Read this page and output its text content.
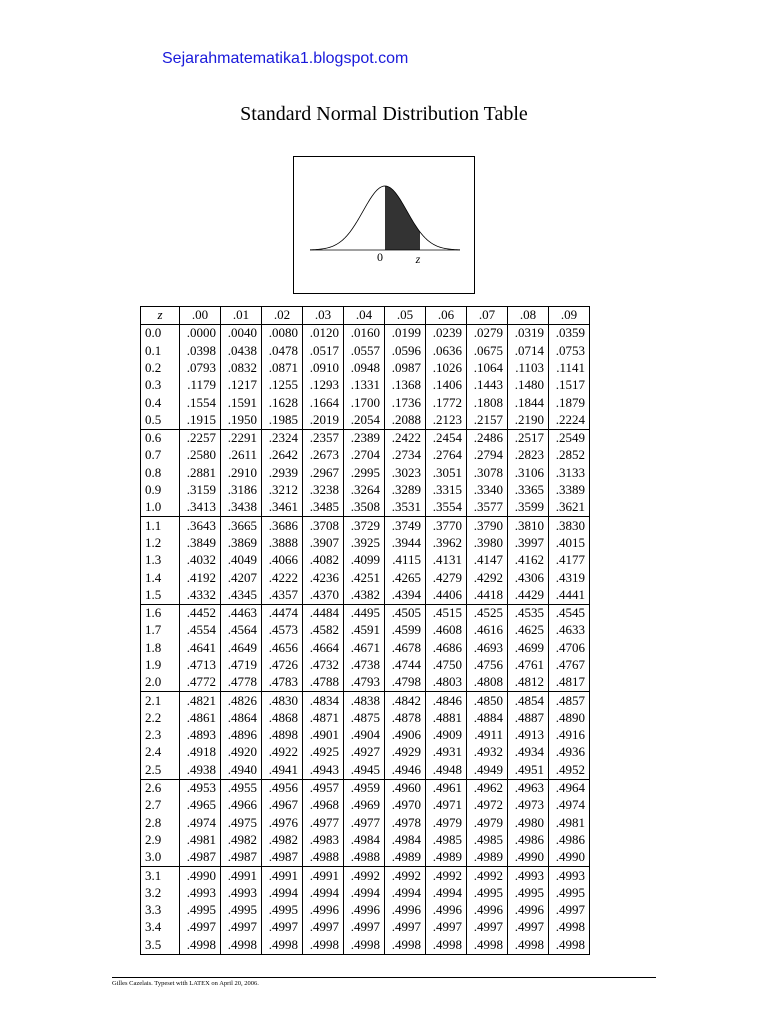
Sejarahmatematika1.blogspot.com
Standard Normal Distribution Table
0	z
z	.00	.01	.02	.03	.04	.05	.06	.07	.08	.09
0.0	.0000	.0040	.0080	.0120	.0160	.0199	.0239	.0279	.0319	.0359
0.1	.0398	.0438	.0478	.0517	.0557	.0596	.0636	.0675	.0714	.0753
0.2	.0793	.0832	.0871	.0910	.0948	.0987	.1026	.1064	.1103	.1141
0.3	.1179	.1217	.1255	.1293	.1331	.1368	.1406	.1443	.1480	.1517
0.4	.1554	.1591	.1628	.1664	.1700	.1736	.1772	.1808	.1844	.1879
0.5	.1915	.1950	.1985	.2019	.2054	.2088	.2123	.2157	.2190	.2224
0.6	.2257	.2291	.2324	.2357	.2389	.2422	.2454	.2486	.2517	.2549
0.7	.2580	.2611	.2642	.2673	.2704	.2734	.2764	.2794	.2823	.2852
0.8	.2881	.2910	.2939	.2967	.2995	.3023	.3051	.3078	.3106	.3133
0.9	.3159	.3186	.3212	.3238	.3264	.3289	.3315	.3340	.3365	.3389
1.0	.3413	.3438	.3461	.3485	.3508	.3531	.3554	.3577	.3599	.3621
1.1	.3643	.3665	.3686	.3708	.3729	.3749	.3770	.3790	.3810	.3830
1.2	.3849	.3869	.3888	.3907	.3925	.3944	.3962	.3980	.3997	.4015
1.3	.4032	.4049	.4066	.4082	.4099	.4115	.4131	.4147	.4162	.4177
1.4	.4192	.4207	.4222	.4236	.4251	.4265	.4279	.4292	.4306	.4319
1.5	.4332	.4345	.4357	.4370	.4382	.4394	.4406	.4418	.4429	.4441
1.6	.4452	.4463	.4474	.4484	.4495	.4505	.4515	.4525	.4535	.4545
1.7	.4554	.4564	.4573	.4582	.4591	.4599	.4608	.4616	.4625	.4633
1.8	.4641	.4649	.4656	.4664	.4671	.4678	.4686	.4693	.4699	.4706
1.9	.4713	.4719	.4726	.4732	.4738	.4744	.4750	.4756	.4761	.4767
2.0	.4772	.4778	.4783	.4788	.4793	.4798	.4803	.4808	.4812	.4817
2.1	.4821	.4826	.4830	.4834	.4838	.4842	.4846	.4850	.4854	.4857
2.2	.4861	.4864	.4868	.4871	.4875	.4878	.4881	.4884	.4887	.4890
2.3	.4893	.4896	.4898	.4901	.4904	.4906	.4909	.4911	.4913	.4916
2.4	.4918	.4920	.4922	.4925	.4927	.4929	.4931	.4932	.4934	.4936
2.5	.4938	.4940	.4941	.4943	.4945	.4946	.4948	.4949	.4951	.4952
2.6	.4953	.4955	.4956	.4957	.4959	.4960	.4961	.4962	.4963	.4964
2.7	.4965	.4966	.4967	.4968	.4969	.4970	.4971	.4972	.4973	.4974
2.8	.4974	.4975	.4976	.4977	.4977	.4978	.4979	.4979	.4980	.4981
2.9	.4981	.4982	.4982	.4983	.4984	.4984	.4985	.4985	.4986	.4986
3.0	.4987	.4987	.4987	.4988	.4988	.4989	.4989	.4989	.4990	.4990
3.1	.4990	.4991	.4991	.4991	.4992	.4992	.4992	.4992	.4993	.4993
3.2	.4993	.4993	.4994	.4994	.4994	.4994	.4994	.4995	.4995	.4995
3.3	.4995	.4995	.4995	.4996	.4996	.4996	.4996	.4996	.4996	.4997
3.4	.4997	.4997	.4997	.4997	.4997	.4997	.4997	.4997	.4997	.4998
3.5	.4998	.4998	.4998	.4998	.4998	.4998	.4998	.4998	.4998	.4998
Gilles Cazelais. Typeset with LATEX on April 20, 2006.
